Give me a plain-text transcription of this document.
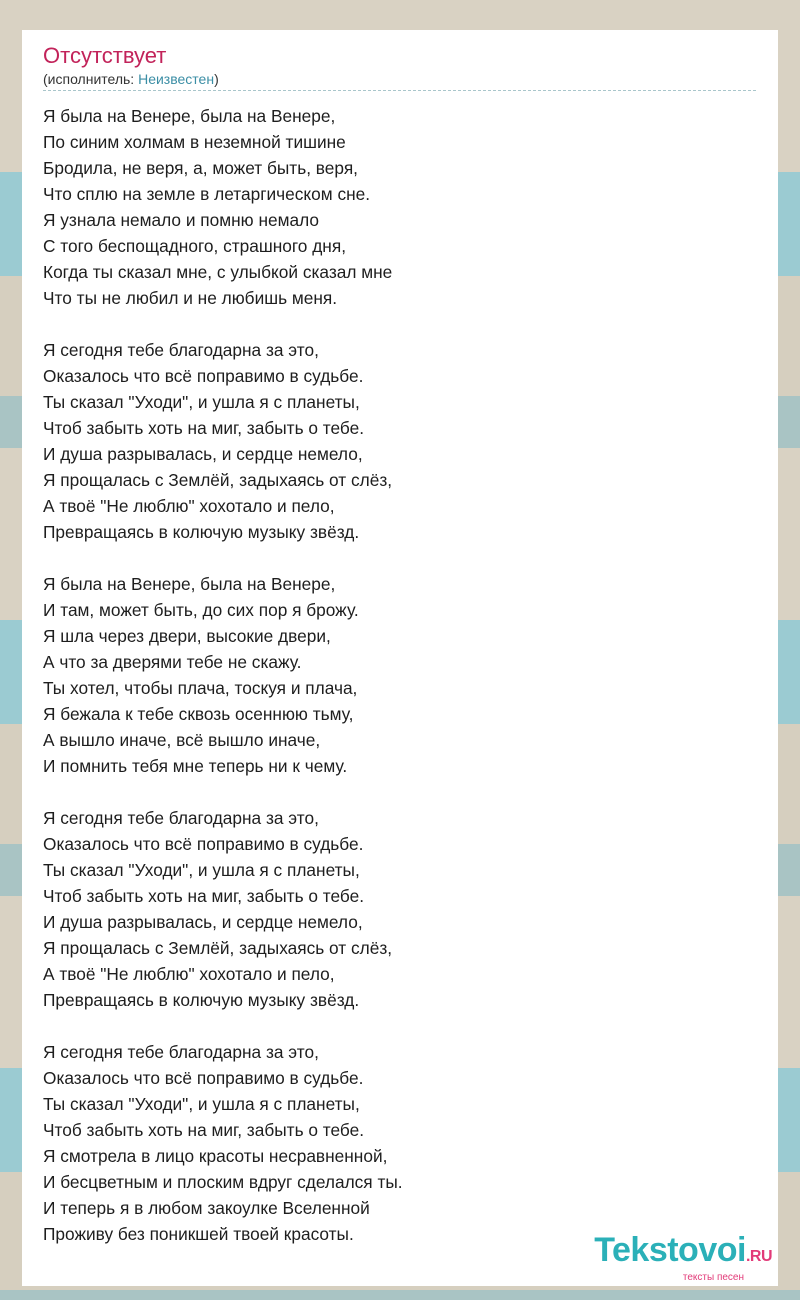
Отсутствует
(исполнитель: Неизвестен)
Я была на Венере, была на Венере,
По синим холмам в неземной тишине
Бродила, не веря, а, может быть, веря,
Что сплю на земле в летаргическом сне.
Я узнала немало и помню немало
С того беспощадного, страшного дня,
Когда ты сказал мне, с улыбкой сказал мне
Что ты не любил и не любишь меня.
Я сегодня тебе благодарна за это,
Оказалось что всё поправимо в судьбе.
Ты сказал "Уходи", и ушла я с планеты,
Чтоб забыть хоть на миг, забыть о тебе.
И душа разрывалась, и сердце немело,
Я прощалась с Землёй, задыхаясь от слёз,
А твоё "Не люблю" хохотало и пело,
Превращаясь в колючую музыку звёзд.
Я была на Венере, была на Венере,
И там, может быть, до сих пор я брожу.
Я шла через двери, высокие двери,
А что за дверями тебе не скажу.
Ты хотел, чтобы плача, тоскуя и плача,
Я бежала к тебе сквозь осеннюю тьму,
А вышло иначе, всё вышло иначе,
И помнить тебя мне теперь ни к чему.
Я сегодня тебе благодарна за это,
Оказалось что всё поправимо в судьбе.
Ты сказал "Уходи", и ушла я с планеты,
Чтоб забыть хоть на миг, забыть о тебе.
И душа разрывалась, и сердце немело,
Я прощалась с Землёй, задыхаясь от слёз,
А твоё "Не люблю" хохотало и пело,
Превращаясь в колючую музыку звёзд.
Я сегодня тебе благодарна за это,
Оказалось что всё поправимо в судьбе.
Ты сказал "Уходи", и ушла я с планеты,
Чтоб забыть хоть на миг, забыть о тебе.
Я смотрела в лицо красоты несравненной,
И бесцветным и плоским вдруг сделался ты.
И теперь я в любом закоулке Вселенной
Проживу без поникшей твоей красоты.	Tekstovoi.RU
тексты песен
